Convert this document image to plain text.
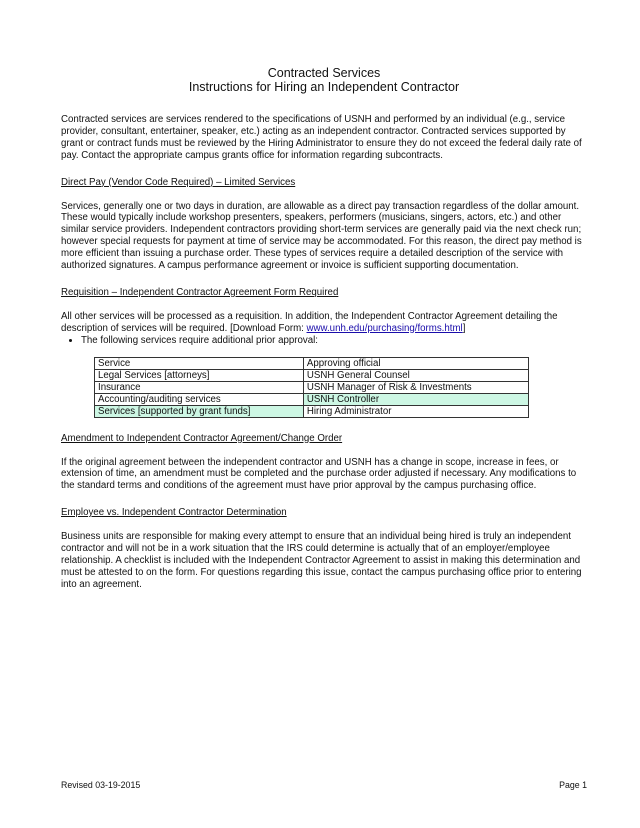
Contracted Services

Instructions for Hiring an Independent Contractor

Contracted services are services rendered to the specifications of USNH and performed by an individual (e.g., service provider, consultant, entertainer, speaker, etc.) acting as an independent contractor. Contracted services supported by grant or contract funds must be reviewed by the Hiring Administrator to ensure they do not exceed the federal daily rate of pay. Contact the appropriate campus grants office for information regarding subcontracts.

Direct Pay (Vendor Code Required) – Limited Services

Services, generally one or two days in duration, are allowable as a direct pay transaction regardless of the dollar amount. These would typically include workshop presenters, speakers, performers (musicians, singers, actors, etc.) and other similar service providers. Independent contractors providing short-term services are generally paid via the next check run; however special requests for payment at time of service may be accommodated. For this reason, the direct pay method is more efficient than issuing a purchase order. These types of services require a detailed description of the service with authorized signatures. A campus performance agreement or invoice is sufficient supporting documentation.

Requisition – Independent Contractor Agreement Form Required

All other services will be processed as a requisition. In addition, the Independent Contractor Agreement detailing the description of services will be required. [Download Form: www.unh.edu/purchasing/forms.html]

• The following services require additional prior approval:
Service	Approving official
Legal Services [attorneys]	USNH General Counsel
Insurance	USNH Manager of Risk & Investments
Accounting/auditing services	USNH Controller
Services [supported by grant funds]	Hiring Administrator

Amendment to Independent Contractor Agreement/Change Order

If the original agreement between the independent contractor and USNH has a change in scope, increase in fees, or extension of time, an amendment must be completed and the purchase order adjusted if necessary. Any modifications to the standard terms and conditions of the agreement must have prior approval by the campus purchasing office.

Employee vs. Independent Contractor Determination

Business units are responsible for making every attempt to ensure that an individual being hired is truly an independent contractor and will not be in a work situation that the IRS could determine is actually that of an employer/employee relationship. A checklist is included with the Independent Contractor Agreement to assist in making this determination and must be attested to on the form. For questions regarding this issue, contact the campus purchasing office prior to entering into an agreement.

Revised 03-19-2015	Page 1
